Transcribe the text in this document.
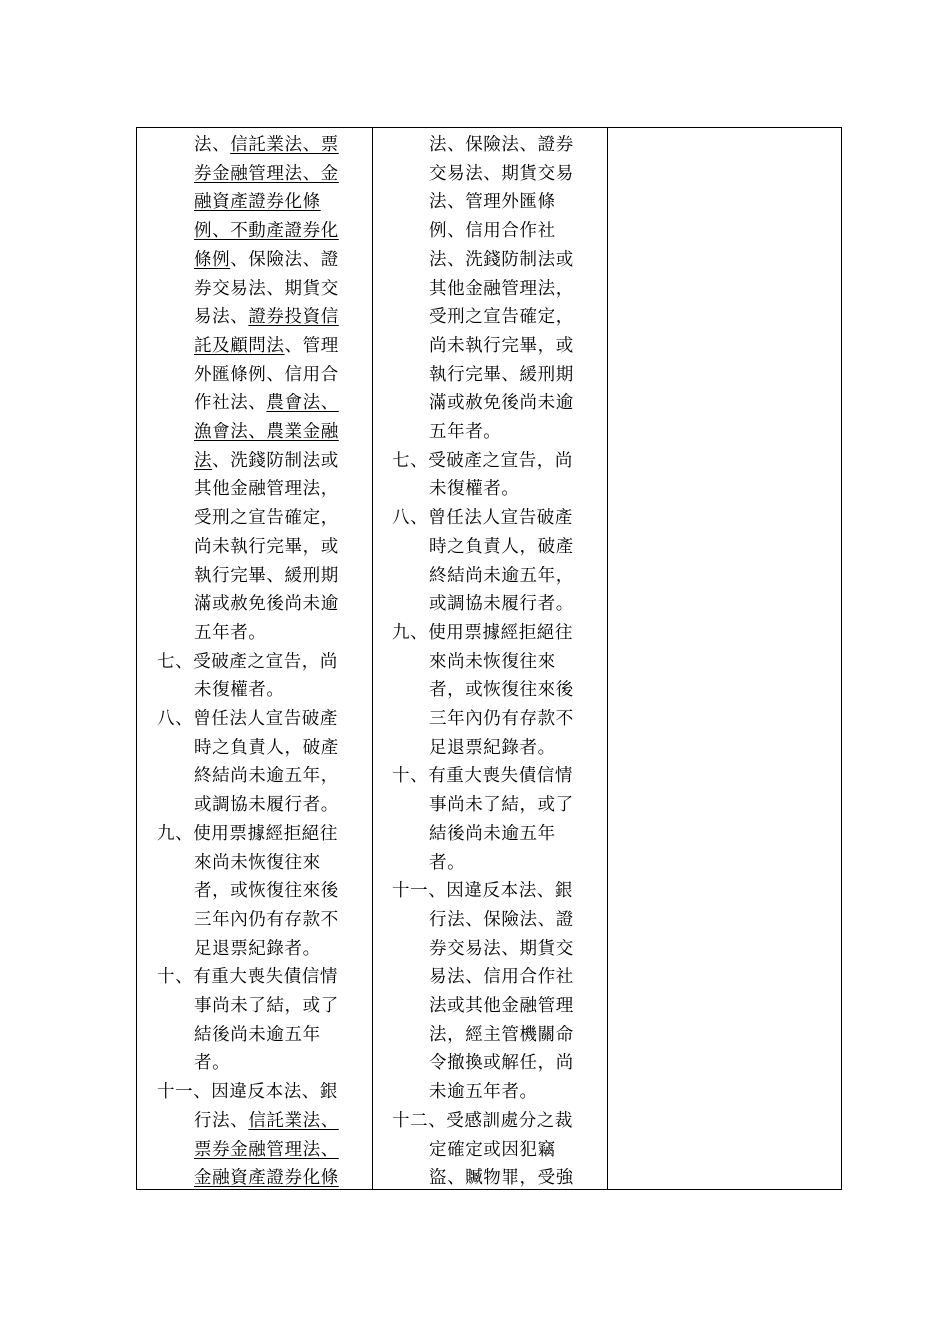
法、信託業法、票
券金融管理法、金
融資產證券化條
例、不動產證券化
條例、保險法、證
券交易法、期貨交
易法、證券投資信
託及顧問法、管理
外匯條例、信用合
作社法、農會法、
漁會法、農業金融
法、洗錢防制法或
其他金融管理法，
受刑之宣告確定，
尚未執行完畢，或
執行完畢、緩刑期
滿或赦免後尚未逾
五年者。
七、受破產之宣告，尚
未復權者。
八、曾任法人宣告破產
時之負責人，破產
終結尚未逾五年，
或調協未履行者。
九、使用票據經拒絕往
來尚未恢復往來
者，或恢復往來後
三年內仍有存款不
足退票紀錄者。
十、有重大喪失債信情
事尚未了結，或了
結後尚未逾五年
者。
十一、因違反本法、銀
行法、信託業法、
票券金融管理法、
金融資產證券化條
法、保險法、證券
交易法、期貨交易
法、管理外匯條
例、信用合作社
法、洗錢防制法或
其他金融管理法，
受刑之宣告確定，
尚未執行完畢，或
執行完畢、緩刑期
滿或赦免後尚未逾
五年者。
七、受破產之宣告，尚
未復權者。
八、曾任法人宣告破產
時之負責人，破產
終結尚未逾五年，
或調協未履行者。
九、使用票據經拒絕往
來尚未恢復往來
者，或恢復往來後
三年內仍有存款不
足退票紀錄者。
十、有重大喪失債信情
事尚未了結，或了
結後尚未逾五年
者。
十一、因違反本法、銀
行法、保險法、證
券交易法、期貨交
易法、信用合作社
法或其他金融管理
法，經主管機關命
令撤換或解任，尚
未逾五年者。
十二、受感訓處分之裁
定確定或因犯竊
盜、贓物罪，受強
